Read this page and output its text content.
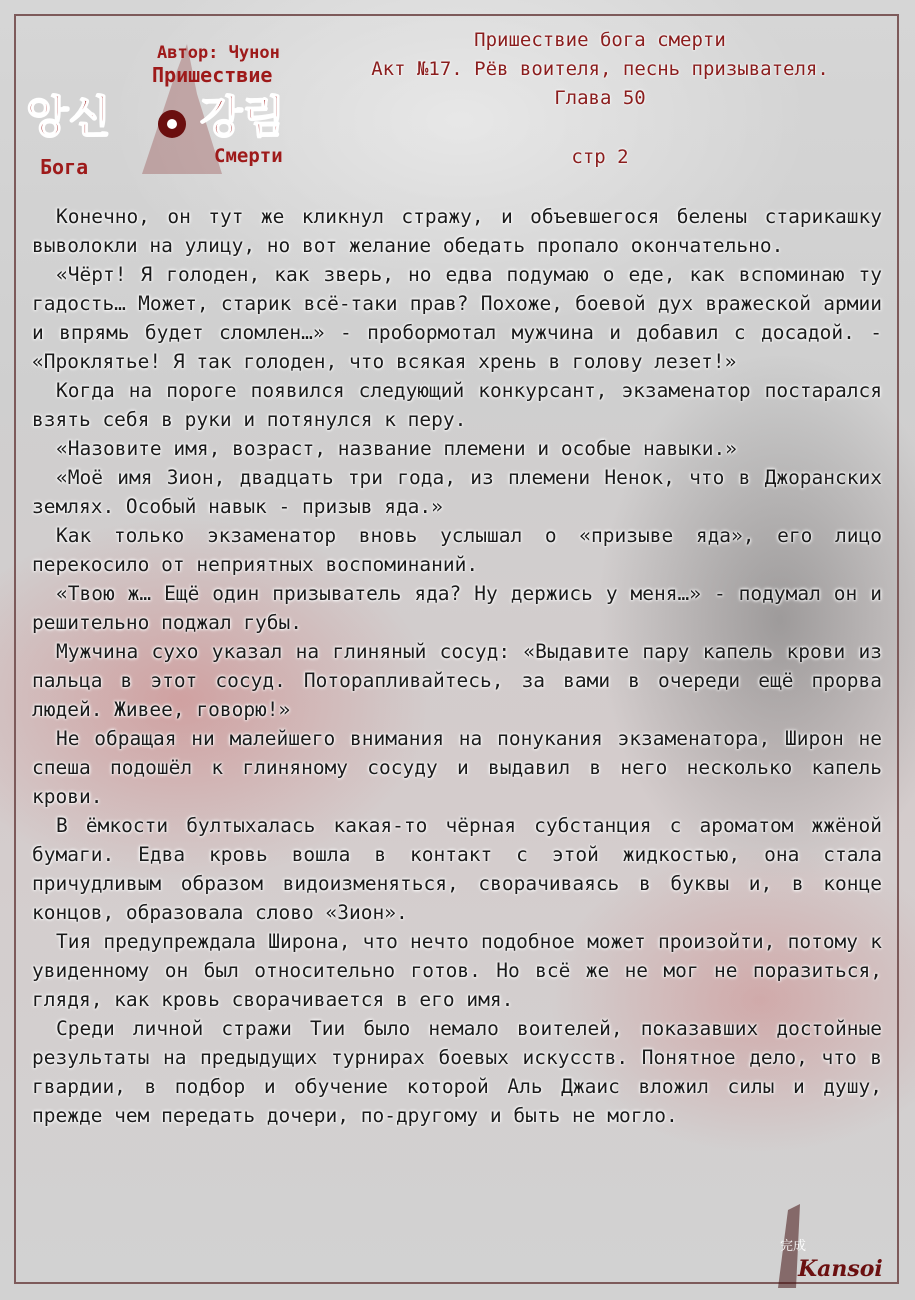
Автор: Чунон
Пришествие
앙신 강림
Бога	Смерти
Пришествие бога смерти
Акт №17. Рёв воителя, песнь призывателя.
Глава 50
стр 2

Конечно, он тут же кликнул стражу, и объевшегося белены старикашку выволокли на улицу, но вот желание обедать пропало окончательно.

«Чёрт! Я голоден, как зверь, но едва подумаю о еде, как вспоминаю ту гадость… Может, старик всё-таки прав? Похоже, боевой дух вражеской армии и впрямь будет сломлен…» - пробормотал мужчина и добавил с досадой. - «Проклятье! Я так голоден, что всякая хрень в голову лезет!»

Когда на пороге появился следующий конкурсант, экзаменатор постарался взять себя в руки и потянулся к перу.

«Назовите имя, возраст, название племени и особые навыки.»

«Моё имя Зион, двадцать три года, из племени Ненок, что в Джоранских землях. Особый навык - призыв яда.»

Как только экзаменатор вновь услышал о «призыве яда», его лицо перекосило от неприятных воспоминаний.

«Твою ж… Ещё один призыватель яда? Ну держись у меня…» - подумал он и решительно поджал губы.

Мужчина сухо указал на глиняный сосуд: «Выдавите пару капель крови из пальца в этот сосуд. Поторапливайтесь, за вами в очереди ещё прорва людей. Живее, говорю!»

Не обращая ни малейшего внимания на понукания экзаменатора, Широн не спеша подошёл к глиняному сосуду и выдавил в него несколько капель крови.

В ёмкости бултыхалась какая-то чёрная субстанция с ароматом жжёной бумаги. Едва кровь вошла в контакт с этой жидкостью, она стала причудливым образом видоизменяться, сворачиваясь в буквы и, в конце концов, образовала слово «Зион».

Тия предупреждала Широна, что нечто подобное может произойти, потому к увиденному он был относительно готов. Но всё же не мог не поразиться, глядя, как кровь сворачивается в его имя.

Среди личной стражи Тии было немало воителей, показавших достойные результаты на предыдущих турнирах боевых искусств. Понятное дело, что в гвардии, в подбор и обучение которой Аль Джаис вложил силы и душу, прежде чем передать дочери, по-другому и быть не могло.

完成
Kansoi
